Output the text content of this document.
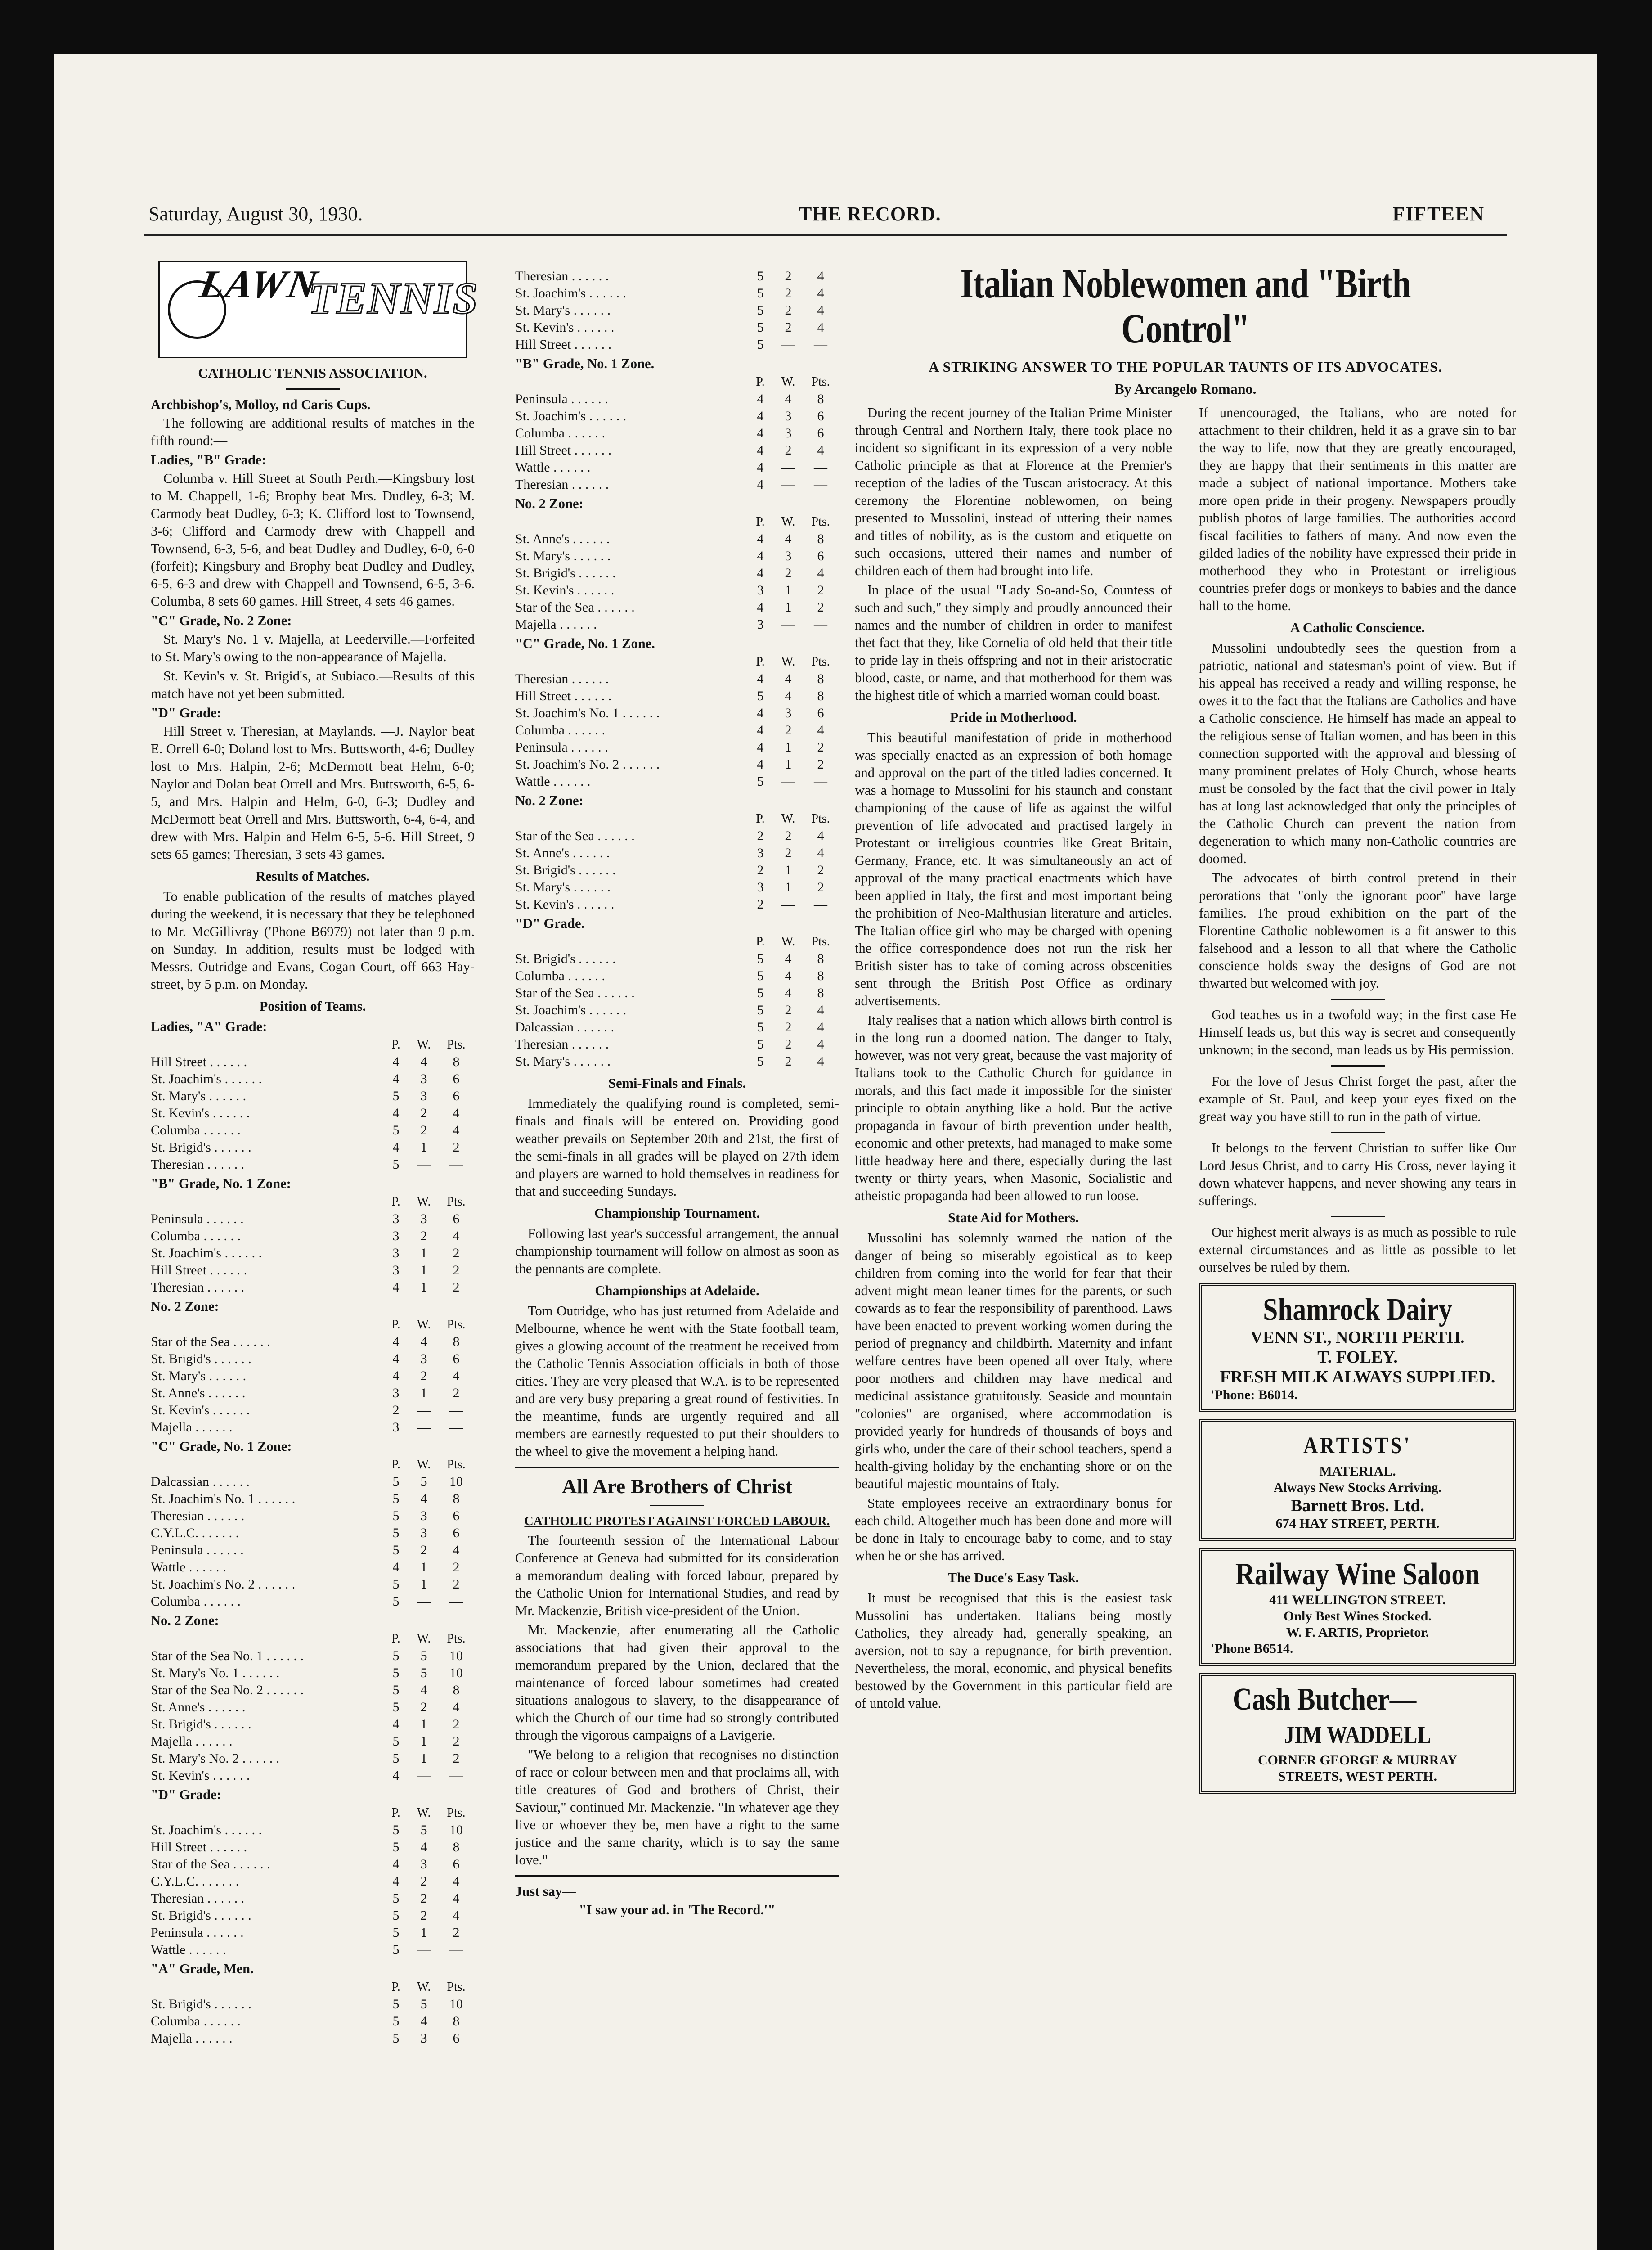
Saturday, August 30, 1930.	THE RECORD.	FIFTEEN
LAWN
TENNIS
CATHOLIC TENNIS ASSOCIATION.
Archbishop's, Molloy, nd Caris Cups.

The following are additional results of matches in the fifth round:—

Ladies, "B" Grade:

Columba v. Hill Street at South Perth.—Kingsbury lost to M. Chappell, 1-6; Brophy beat Mrs. Dudley, 6-3; M. Carmody beat Dudley, 6-3; K. Clifford lost to Townsend, 3-6; Clifford and Carmody drew with Chappell and Townsend, 6-3, 5-6, and beat Dudley and Dudley, 6-0, 6-0 (forfeit); Kingsbury and Brophy beat Dudley and Dudley, 6-5, 6-3 and drew with Chappell and Townsend, 6-5, 3-6. Columba, 8 sets 60 games. Hill Street, 4 sets 46 games.

"C" Grade, No. 2 Zone:

St. Mary's No. 1 v. Majella, at Leederville.—Forfeited to St. Mary's owing to the non-appearance of Majella.

St. Kevin's v. St. Brigid's, at Subiaco.—Results of this match have not yet been submitted.

"D" Grade:

Hill Street v. Theresian, at Maylands. —J. Naylor beat E. Orrell 6-0; Doland lost to Mrs. Buttsworth, 4-6; Dudley lost to Mrs. Halpin, 2-6; McDermott beat Helm, 6-0; Naylor and Dolan beat Orrell and Mrs. Buttsworth, 6-5, 6-5, and Mrs. Halpin and Helm, 6-0, 6-3; Dudley and McDermott beat Orrell and Mrs. Buttsworth, 6-4, 6-4, and drew with Mrs. Halpin and Helm 6-5, 5-6. Hill Street, 9 sets 65 games; Theresian, 3 sets 43 games.

Results of Matches.

To enable publication of the results of matches played during the weekend, it is necessary that they be telephoned to Mr. McGillivray ('Phone B6979) not later than 9 p.m. on Sunday. In addition, results must be lodged with Messrs. Outridge and Evans, Cogan Court, off 663 Hay-street, by 5 p.m. on Monday.

Position of Teams.
Ladies, "A" Grade:
	P.	W.	Pts.
Hill Street . . . . . .	4	4	8
St. Joachim's . . . . . .	4	3	6
St. Mary's . . . . . .	5	3	6
St. Kevin's . . . . . .	4	2	4
Columba . . . . . .	5	2	4
St. Brigid's . . . . . .	4	1	2
Theresian . . . . . .	5	—	—
"B" Grade, No. 1 Zone:
	P.	W.	Pts.
Peninsula . . . . . .	3	3	6
Columba . . . . . .	3	2	4
St. Joachim's . . . . . .	3	1	2
Hill Street . . . . . .	3	1	2
Theresian . . . . . .	4	1	2
No. 2 Zone:
	P.	W.	Pts.
Star of the Sea . . . . . .	4	4	8
St. Brigid's . . . . . .	4	3	6
St. Mary's . . . . . .	4	2	4
St. Anne's . . . . . .	3	1	2
St. Kevin's . . . . . .	2	—	—
Majella . . . . . .	3	—	—
"C" Grade, No. 1 Zone:
	P.	W.	Pts.
Dalcassian . . . . . .	5	5	10
St. Joachim's No. 1 . . . . . .	5	4	8
Theresian . . . . . .	5	3	6
C.Y.L.C. . . . . . .	5	3	6
Peninsula . . . . . .	5	2	4
Wattle . . . . . .	4	1	2
St. Joachim's No. 2 . . . . . .	5	1	2
Columba . . . . . .	5	—	—
No. 2 Zone:
	P.	W.	Pts.
Star of the Sea No. 1 . . . . . .	5	5	10
St. Mary's No. 1 . . . . . .	5	5	10
Star of the Sea No. 2 . . . . . .	5	4	8
St. Anne's . . . . . .	5	2	4
St. Brigid's . . . . . .	4	1	2
Majella . . . . . .	5	1	2
St. Mary's No. 2 . . . . . .	5	1	2
St. Kevin's . . . . . .	4	—	—
"D" Grade:
	P.	W.	Pts.
St. Joachim's . . . . . .	5	5	10
Hill Street . . . . . .	5	4	8
Star of the Sea . . . . . .	4	3	6
C.Y.L.C. . . . . . .	4	2	4
Theresian . . . . . .	5	2	4
St. Brigid's . . . . . .	5	2	4
Peninsula . . . . . .	5	1	2
Wattle . . . . . .	5	—	—
"A" Grade, Men.
	P.	W.	Pts.
St. Brigid's . . . . . .	5	5	10
Columba . . . . . .	5	4	8
Majella . . . . . .	5	3	6
Theresian . . . . . .	5	2	4
St. Joachim's . . . . . .	5	2	4
St. Mary's . . . . . .	5	2	4
St. Kevin's . . . . . .	5	2	4
Hill Street . . . . . .	5	—	—
"B" Grade, No. 1 Zone.
	P.	W.	Pts.
Peninsula . . . . . .	4	4	8
St. Joachim's . . . . . .	4	3	6
Columba . . . . . .	4	3	6
Hill Street . . . . . .	4	2	4
Wattle . . . . . .	4	—	—
Theresian . . . . . .	4	—	—
No. 2 Zone:
	P.	W.	Pts.
St. Anne's . . . . . .	4	4	8
St. Mary's . . . . . .	4	3	6
St. Brigid's . . . . . .	4	2	4
St. Kevin's . . . . . .	3	1	2
Star of the Sea . . . . . .	4	1	2
Majella . . . . . .	3	—	—
"C" Grade, No. 1 Zone.
	P.	W.	Pts.
Theresian . . . . . .	4	4	8
Hill Street . . . . . .	5	4	8
St. Joachim's No. 1 . . . . . .	4	3	6
Columba . . . . . .	4	2	4
Peninsula . . . . . .	4	1	2
St. Joachim's No. 2 . . . . . .	4	1	2
Wattle . . . . . .	5	—	—
No. 2 Zone:
	P.	W.	Pts.
Star of the Sea . . . . . .	2	2	4
St. Anne's . . . . . .	3	2	4
St. Brigid's . . . . . .	2	1	2
St. Mary's . . . . . .	3	1	2
St. Kevin's . . . . . .	2	—	—
"D" Grade.
	P.	W.	Pts.
St. Brigid's . . . . . .	5	4	8
Columba . . . . . .	5	4	8
Star of the Sea . . . . . .	5	4	8
St. Joachim's . . . . . .	5	2	4
Dalcassian . . . . . .	5	2	4
Theresian . . . . . .	5	2	4
St. Mary's . . . . . .	5	2	4
Semi-Finals and Finals.

Immediately the qualifying round is completed, semi-finals and finals will be entered on. Providing good weather prevails on September 20th and 21st, the first of the semi-finals in all grades will be played on 27th idem and players are warned to hold themselves in readiness for that and succeeding Sundays.

Championship Tournament.

Following last year's successful arrangement, the annual championship tournament will follow on almost as soon as the pennants are complete.

Championships at Adelaide.

Tom Outridge, who has just returned from Adelaide and Melbourne, whence he went with the State football team, gives a glowing account of the treatment he received from the Catholic Tennis Association officials in both of those cities. They are very pleased that W.A. is to be represented and are very busy preparing a great round of festivities. In the meantime, funds are urgently required and all members are earnestly requested to put their shoulders to the wheel to give the movement a helping hand.

All Are Brothers of Christ
CATHOLIC PROTEST AGAINST FORCED LABOUR.

The fourteenth session of the International Labour Conference at Geneva had submitted for its consideration a memorandum dealing with forced labour, prepared by the Catholic Union for International Studies, and read by Mr. Mackenzie, British vice-president of the Union.

Mr. Mackenzie, after enumerating all the Catholic associations that had given their approval to the memorandum prepared by the Union, declared that the maintenance of forced labour sometimes had created situations analogous to slavery, to the disappearance of which the Church of our time had so strongly contributed through the vigorous campaigns of a Lavigerie.

"We belong to a religion that recognises no distinction of race or colour between men and that proclaims all, with title creatures of God and brothers of Christ, their Saviour," continued Mr. Mackenzie. "In whatever age they live or whoever they be, men have a right to the same justice and the same charity, which is to say the same love."

Just say—
"I saw your ad. in 'The Record.'"
Italian Noblewomen and "Birth Control"
A STRIKING ANSWER TO THE POPULAR TAUNTS OF ITS ADVOCATES.
By Arcangelo Romano.

During the recent journey of the Italian Prime Minister through Central and Northern Italy, there took place no incident so significant in its expression of a very noble Catholic principle as that at Florence at the Premier's reception of the ladies of the Tuscan aristocracy. At this ceremony the Florentine noblewomen, on being presented to Mussolini, instead of uttering their names and titles of nobility, as is the custom and etiquette on such occasions, uttered their names and number of children each of them had brought into life.

In place of the usual "Lady So-and-So, Countess of such and such," they simply and proudly announced their names and the number of children in order to manifest thet fact that they, like Cornelia of old held that their title to pride lay in theis offspring and not in their aristocratic blood, caste, or name, and that motherhood for them was the highest title of which a married woman could boast.

Pride in Motherhood.

This beautiful manifestation of pride in motherhood was specially enacted as an expression of both homage and approval on the part of the titled ladies concerned. It was a homage to Mussolini for his staunch and constant championing of the cause of life as against the wilful prevention of life advocated and practised largely in Protestant or irreligious countries like Great Britain, Germany, France, etc. It was simultaneously an act of approval of the many practical enactments which have been applied in Italy, the first and most important being the prohibition of Neo-Malthusian literature and articles. The Italian office girl who may be charged with opening the office correspondence does not run the risk her British sister has to take of coming across obscenities sent through the British Post Office as ordinary advertisements.

Italy realises that a nation which allows birth control is in the long run a doomed nation. The danger to Italy, however, was not very great, because the vast majority of Italians took to the Catholic Church for guidance in morals, and this fact made it impossible for the sinister principle to obtain anything like a hold. But the active propaganda in favour of birth prevention under health, economic and other pretexts, had managed to make some little headway here and there, especially during the last twenty or thirty years, when Masonic, Socialistic and atheistic propaganda had been allowed to run loose.

State Aid for Mothers.

Mussolini has solemnly warned the nation of the danger of being so miserably egoistical as to keep children from coming into the world for fear that their advent might mean leaner times for the parents, or such cowards as to fear the responsibility of parenthood. Laws have been enacted to prevent working women during the period of pregnancy and childbirth. Maternity and infant welfare centres have been opened all over Italy, where poor mothers and children may have medical and medicinal assistance gratuitously. Seaside and mountain "colonies" are organised, where accommodation is provided yearly for hundreds of thousands of boys and girls who, under the care of their school teachers, spend a health-giving holiday by the enchanting shore or on the beautiful majestic mountains of Italy.

State employees receive an extraordinary bonus for each child. Altogether much has been done and more will be done in Italy to encourage baby to come, and to stay when he or she has arrived.

The Duce's Easy Task.

It must be recognised that this is the easiest task Mussolini has undertaken. Italians being mostly Catholics, they already had, generally speaking, an aversion, not to say a repugnance, for birth prevention. Nevertheless, the moral, economic, and physical benefits bestowed by the Government in this particular field are of untold value.

If unencouraged, the Italians, who are noted for attachment to their children, held it as a grave sin to bar the way to life, now that they are greatly encouraged, they are happy that their sentiments in this matter are made a subject of national importance. Mothers take more open pride in their progeny. Newspapers proudly publish photos of large families. The authorities accord fiscal facilities to fathers of many. And now even the gilded ladies of the nobility have expressed their pride in motherhood—they who in Protestant or irreligious countries prefer dogs or monkeys to babies and the dance hall to the home.

A Catholic Conscience.

Mussolini undoubtedly sees the question from a patriotic, national and statesman's point of view. But if his appeal has received a ready and willing response, he owes it to the fact that the Italians are Catholics and have a Catholic conscience. He himself has made an appeal to the religious sense of Italian women, and has been in this connection supported with the approval and blessing of many prominent prelates of Holy Church, whose hearts must be consoled by the fact that the civil power in Italy has at long last acknowledged that only the principles of the Catholic Church can prevent the nation from degeneration to which many non-Catholic countries are doomed.

The advocates of birth control pretend in their perorations that "only the ignorant poor" have large families. The proud exhibition on the part of the Florentine Catholic noblewomen is a fit answer to this falsehood and a lesson to all that where the Catholic conscience holds sway the designs of God are not thwarted but welcomed with joy.

God teaches us in a twofold way; in the first case He Himself leads us, but this way is secret and consequently unknown; in the second, man leads us by His permission.

For the love of Jesus Christ forget the past, after the example of St. Paul, and keep your eyes fixed on the great way you have still to run in the path of virtue.

It belongs to the fervent Christian to suffer like Our Lord Jesus Christ, and to carry His Cross, never laying it down whatever happens, and never showing any tears in sufferings.

Our highest merit always is as much as possible to rule external circumstances and as little as possible to let ourselves be ruled by them.

Shamrock Dairy
VENN ST., NORTH PERTH.
T. FOLEY.
FRESH MILK ALWAYS SUPPLIED.
'Phone: B6014.
ARTISTS'
MATERIAL.
Always New Stocks Arriving.
Barnett Bros. Ltd.
674 HAY STREET, PERTH.
Railway Wine Saloon
411 WELLINGTON STREET.
Only Best Wines Stocked.
W. F. ARTIS, Proprietor.
'Phone B6514.
Cash Butcher—
JIM WADDELL
CORNER GEORGE & MURRAY
STREETS, WEST PERTH.
